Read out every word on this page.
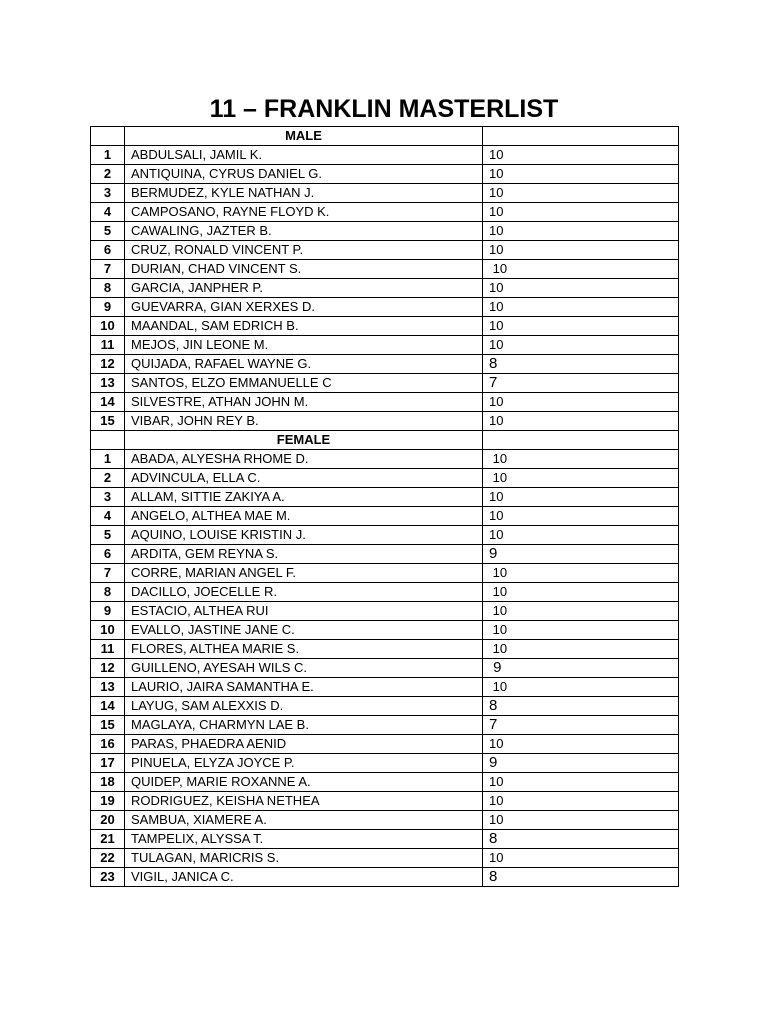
11 – FRANKLIN MASTERLIST
	MALE	
1	ABDULSALI, JAMIL K.	10
2	ANTIQUINA, CYRUS DANIEL G.	10
3	BERMUDEZ, KYLE NATHAN J.	10
4	CAMPOSANO, RAYNE FLOYD K.	10
5	CAWALING, JAZTER B.	10
6	CRUZ, RONALD VINCENT P.	10
7	DURIAN, CHAD VINCENT S.	10
8	GARCIA, JANPHER P.	10
9	GUEVARRA, GIAN XERXES D.	10
10	MAANDAL, SAM EDRICH B.	10
11	MEJOS, JIN LEONE M.	10
12	QUIJADA, RAFAEL WAYNE G.	8
13	SANTOS, ELZO EMMANUELLE C	7
14	SILVESTRE, ATHAN JOHN M.	10
15	VIBAR, JOHN REY B.	10
	FEMALE	
1	ABADA, ALYESHA RHOME D.	10
2	ADVINCULA, ELLA C.	10
3	ALLAM, SITTIE ZAKIYA A.	10
4	ANGELO, ALTHEA MAE M.	10
5	AQUINO, LOUISE KRISTIN J.	10
6	ARDITA, GEM REYNA S.	9
7	CORRE, MARIAN ANGEL F.	10
8	DACILLO, JOECELLE R.	10
9	ESTACIO, ALTHEA RUI	10
10	EVALLO, JASTINE JANE C.	10
11	FLORES, ALTHEA MARIE S.	10
12	GUILLENO, AYESAH WILS C.	9
13	LAURIO, JAIRA SAMANTHA E.	10
14	LAYUG, SAM ALEXXIS D.	8
15	MAGLAYA, CHARMYN LAE B.	7
16	PARAS, PHAEDRA AENID	10
17	PINUELA, ELYZA JOYCE P.	9
18	QUIDEP, MARIE ROXANNE A.	10
19	RODRIGUEZ, KEISHA NETHEA	10
20	SAMBUA, XIAMERE A.	10
21	TAMPELIX, ALYSSA T.	8
22	TULAGAN, MARICRIS S.	10
23	VIGIL, JANICA C.	8
